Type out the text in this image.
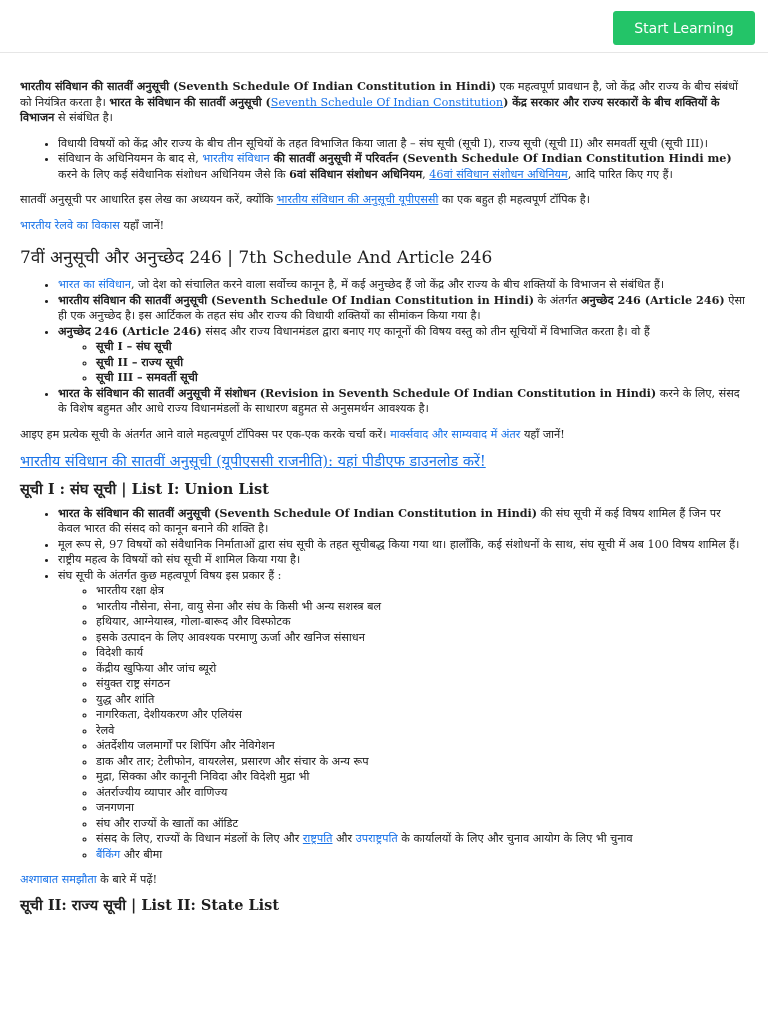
Start Learning

भारतीय संविधान की सातवीं अनुसूची (Seventh Schedule Of Indian Constitution in Hindi) एक महत्वपूर्ण प्रावधान है, जो केंद्र और राज्य के बीच संबंधों को नियंत्रित करता है। भारत के संविधान की सातवीं अनुसूची (Seventh Schedule Of Indian Constitution) केंद्र सरकार और राज्य सरकारों के बीच शक्तियों के विभाजन से संबंधित है।

• विधायी विषयों को केंद्र और राज्य के बीच तीन सूचियों के तहत विभाजित किया जाता है – संघ सूची (सूची I), राज्य सूची (सूची II) और समवर्ती सूची (सूची III)।
• संविधान के अधिनियमन के बाद से, भारतीय संविधान की सातवीं अनुसूची में परिवर्तन (Seventh Schedule Of Indian Constitution Hindi me) करने के लिए कई संवैधानिक संशोधन अधिनियम जैसे कि 6वां संविधान संशोधन अधिनियम, 46वां संविधान संशोधन अधिनियम, आदि पारित किए गए हैं।

सातवीं अनुसूची पर आधारित इस लेख का अध्ययन करें, क्योंकि भारतीय संविधान की अनुसूची यूपीएससी का एक बहुत ही महत्वपूर्ण टॉपिक है।

भारतीय रेलवे का विकास यहाँ जानें!

7वीं अनुसूची और अनुच्छेद 246 | 7th Schedule And Article 246
• भारत का संविधान, जो देश को संचालित करने वाला सर्वोच्च कानून है, में कई अनुच्छेद हैं जो केंद्र और राज्य के बीच शक्तियों के विभाजन से संबंधित हैं।
• भारतीय संविधान की सातवीं अनुसूची (Seventh Schedule Of Indian Constitution in Hindi) के अंतर्गत अनुच्छेद 246 (Article 246) ऐसा ही एक अनुच्छेद है। इस आर्टिकल के तहत संघ और राज्य की विधायी शक्तियों का सीमांकन किया गया है।
• अनुच्छेद 246 (Article 246) संसद और राज्य विधानमंडल द्वारा बनाए गए कानूनों की विषय वस्तु को तीन सूचियों में विभाजित करता है। वो हैं
◦ सूची I – संघ सूची
◦ सूची II – राज्य सूची
◦ सूची III – समवर्ती सूची
• भारत के संविधान की सातवीं अनुसूची में संशोधन (Revision in Seventh Schedule Of Indian Constitution in Hindi) करने के लिए, संसद के विशेष बहुमत और आधे राज्य विधानमंडलों के साधारण बहुमत से अनुसमर्थन आवश्यक है।

आइए हम प्रत्येक सूची के अंतर्गत आने वाले महत्वपूर्ण टॉपिक्स पर एक-एक करके चर्चा करें। मार्क्सवाद और साम्यवाद में अंतर यहाँ जानें!

भारतीय संविधान की सातवीं अनुसूची (यूपीएससी राजनीति): यहां पीडीएफ डाउनलोड करें!
सूची I : संघ सूची | List I: Union List
• भारत के संविधान की सातवीं अनुसूची (Seventh Schedule Of Indian Constitution in Hindi) की संघ सूची में कई विषय शामिल हैं जिन पर केवल भारत की संसद को कानून बनाने की शक्ति है।
• मूल रूप से, 97 विषयों को संवैधानिक निर्माताओं द्वारा संघ सूची के तहत सूचीबद्ध किया गया था। हालाँकि, कई संशोधनों के साथ, संघ सूची में अब 100 विषय शामिल हैं।
• राष्ट्रीय महत्व के विषयों को संघ सूची में शामिल किया गया है।
• संघ सूची के अंतर्गत कुछ महत्वपूर्ण विषय इस प्रकार हैं :
◦ भारतीय रक्षा क्षेत्र
◦ भारतीय नौसेना, सेना, वायु सेना और संघ के किसी भी अन्य सशस्त्र बल
◦ हथियार, आग्नेयास्त्र, गोला-बारूद और विस्फोटक
◦ इसके उत्पादन के लिए आवश्यक परमाणु ऊर्जा और खनिज संसाधन
◦ विदेशी कार्य
◦ केंद्रीय खुफिया और जांच ब्यूरो
◦ संयुक्त राष्ट्र संगठन
◦ युद्ध और शांति
◦ नागरिकता, देशीयकरण और एलियंस
◦ रेलवे
◦ अंतर्देशीय जलमार्गों पर शिपिंग और नेविगेशन
◦ डाक और तार; टेलीफोन, वायरलेस, प्रसारण और संचार के अन्य रूप
◦ मुद्रा, सिक्का और कानूनी निविदा और विदेशी मुद्रा भी
◦ अंतर्राज्यीय व्यापार और वाणिज्य
◦ जनगणना
◦ संघ और राज्यों के खातों का ऑडिट
◦ संसद के लिए, राज्यों के विधान मंडलों के लिए और राष्ट्रपति और उपराष्ट्रपति के कार्यालयों के लिए और चुनाव आयोग के लिए भी चुनाव
◦ बैंकिंग और बीमा

अश्गाबात समझौता के बारे में पढ़ें!

सूची II: राज्य सूची | List II: State List
